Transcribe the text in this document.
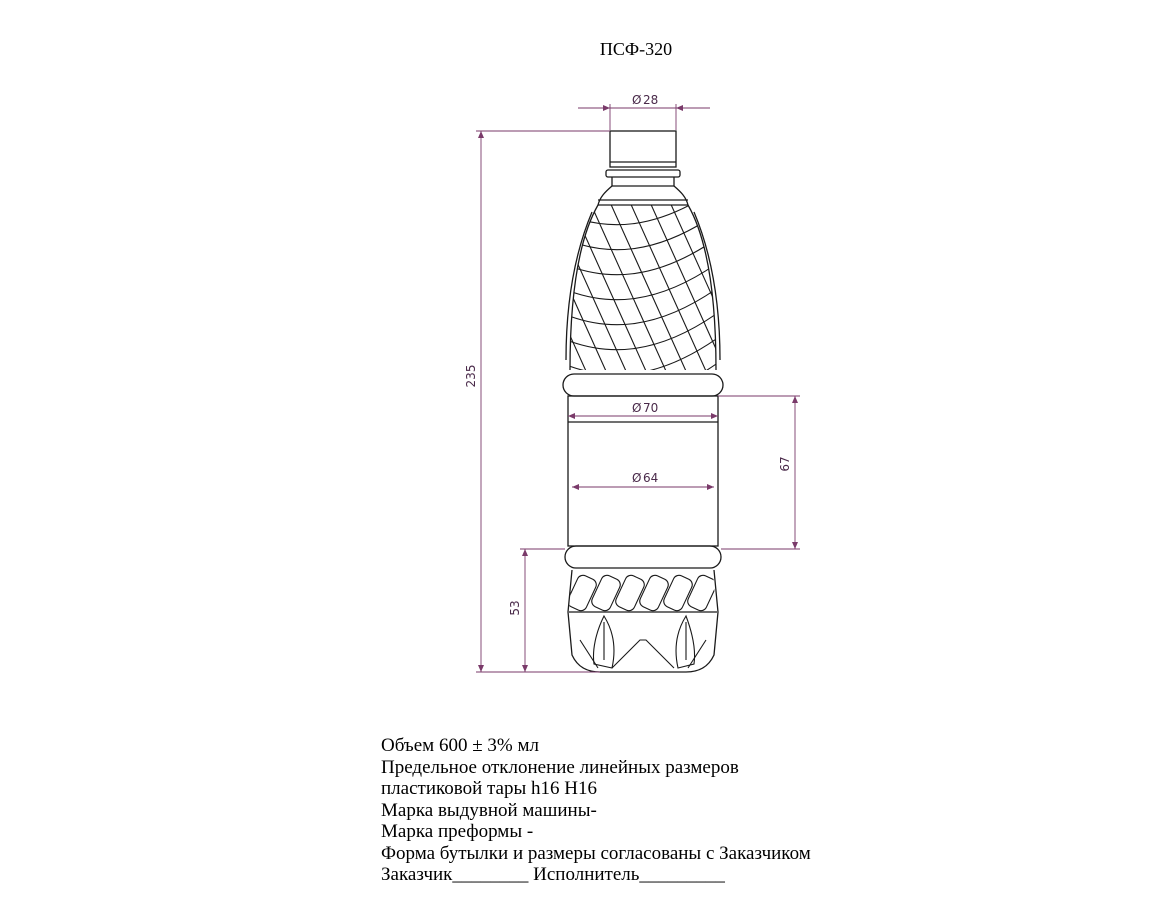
ПСФ-320
Ø 28
Ø 70
Ø 64
235
67
53
Объем 600 ± 3% мл
Предельное отклонение линейных размеров
пластиковой тары h16 H16
Марка выдувной машины-
Марка преформы -
Форма бутылки и размеры согласованы с Заказчиком
Заказчик________ Исполнитель_________
